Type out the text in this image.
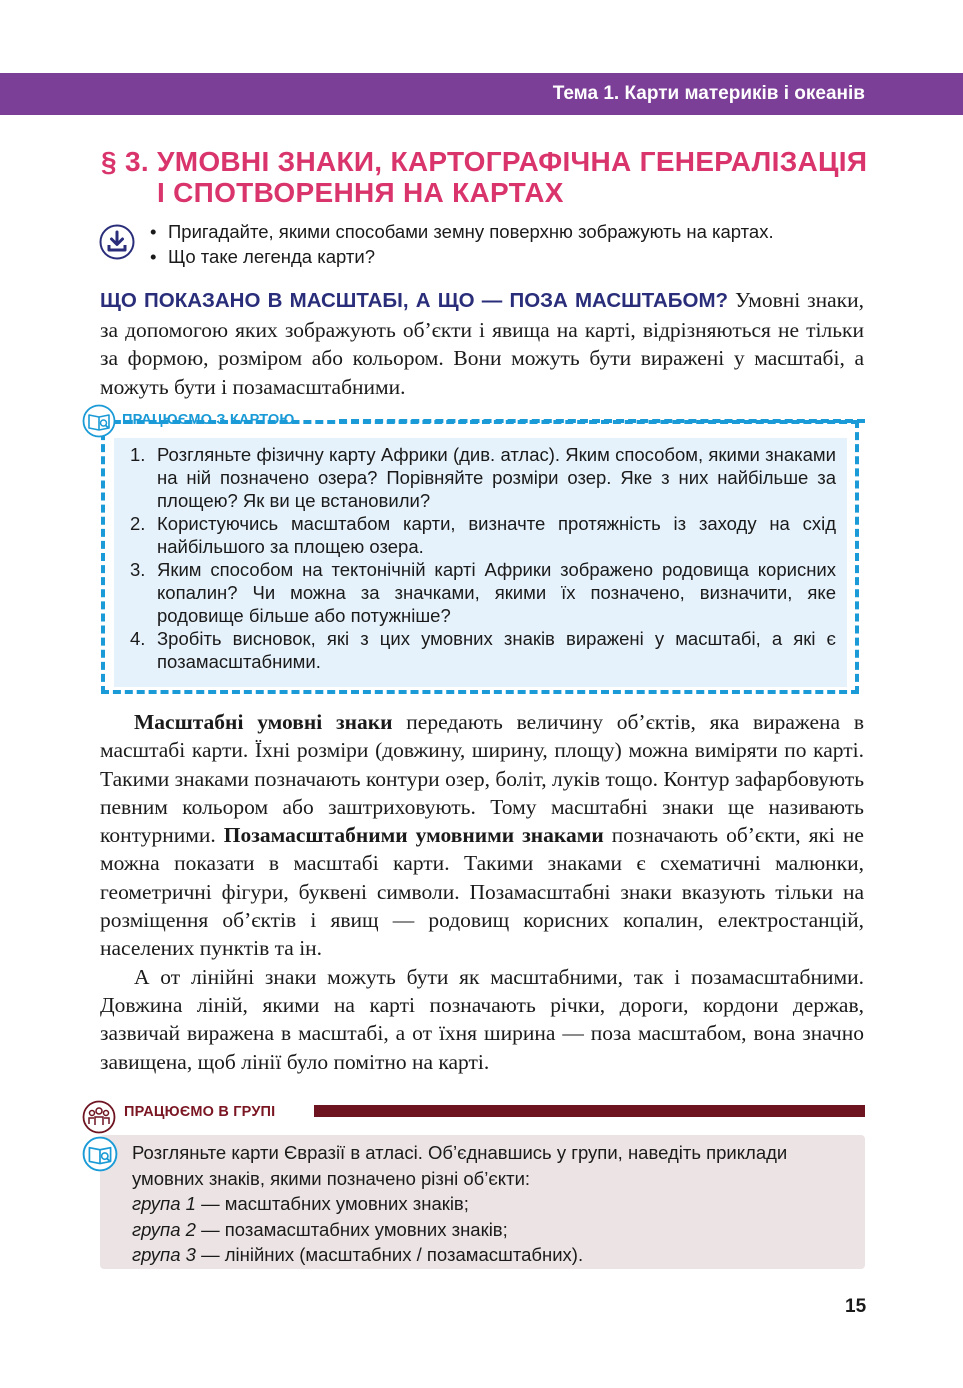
Тема 1. Карти материків і океанів
§ 3. УМОВНІ ЗНАКИ, КАРТОГРАФІЧНА ГЕНЕРАЛІЗАЦІЯ
І СПОТВОРЕННЯ НА КАРТАХ
• Пригадайте, якими способами земну поверхню зображують на картах.
• Що таке легенда карти?
ЩО ПОКАЗАНО В МАСШТАБІ, А ЩО — ПОЗА МАСШТАБОМ? Умовні знаки, за допомогою яких зображують об’єкти і явища на карті, відрізняються не тільки за формою, розміром або кольором. Вони можуть бути виражені у масштабі, а можуть бути і позамасштабними.
ПРАЦЮЄМО З КАРТОЮ
1. Розгляньте фізичну карту Африки (див. атлас). Яким способом, якими знаками на ній позначено озера? Порівняйте розміри озер. Яке з них найбільше за площею? Як ви це встановили?
2. Користуючись масштабом карти, визначте протяжність із заходу на схід найбільшого за площею озера.
3. Яким способом на тектонічній карті Африки зображено родовища корисних копалин? Чи можна за значками, якими їх позначено, визначити, яке родовище більше або потужніше?
4. Зробіть висновок, які з цих умовних знаків виражені у масштабі, а які є позамасштабними.
Масштабні умовні знаки передають величину об’єктів, яка виражена в масштабі карти. Їхні розміри (довжину, ширину, площу) можна виміряти по карті. Такими знаками позначають контури озер, боліт, луків тощо. Контур зафарбовують певним кольором або заштриховують. Тому масштабні знаки ще називають контурними. Позамасштабними умовними знаками позначають об’єкти, які не можна показати в масштабі карти. Такими знаками є схематичні малюнки, геометричні фігури, буквені символи. Позамасштабні знаки вказують тільки на розміщення об’єктів і явищ — родовищ корисних копалин, електростанцій, населених пунктів та ін.
А от лінійні знаки можуть бути як масштабними, так і позамасштабними. Довжина ліній, якими на карті позначають річки, дороги, кордони держав, зазвичай виражена в масштабі, а от їхня ширина — поза масштабом, вона значно завищена, щоб лінії було помітно на карті.
ПРАЦЮЄМО В ГРУПІ
Розгляньте карти Євразії в атласі. Об’єднавшись у групи, наведіть приклади умовних знаків, якими позначено різні об’єкти:
група 1 — масштабних умовних знаків;
група 2 — позамасштабних умовних знаків;
група 3 — лінійних (масштабних / позамасштабних).
15
